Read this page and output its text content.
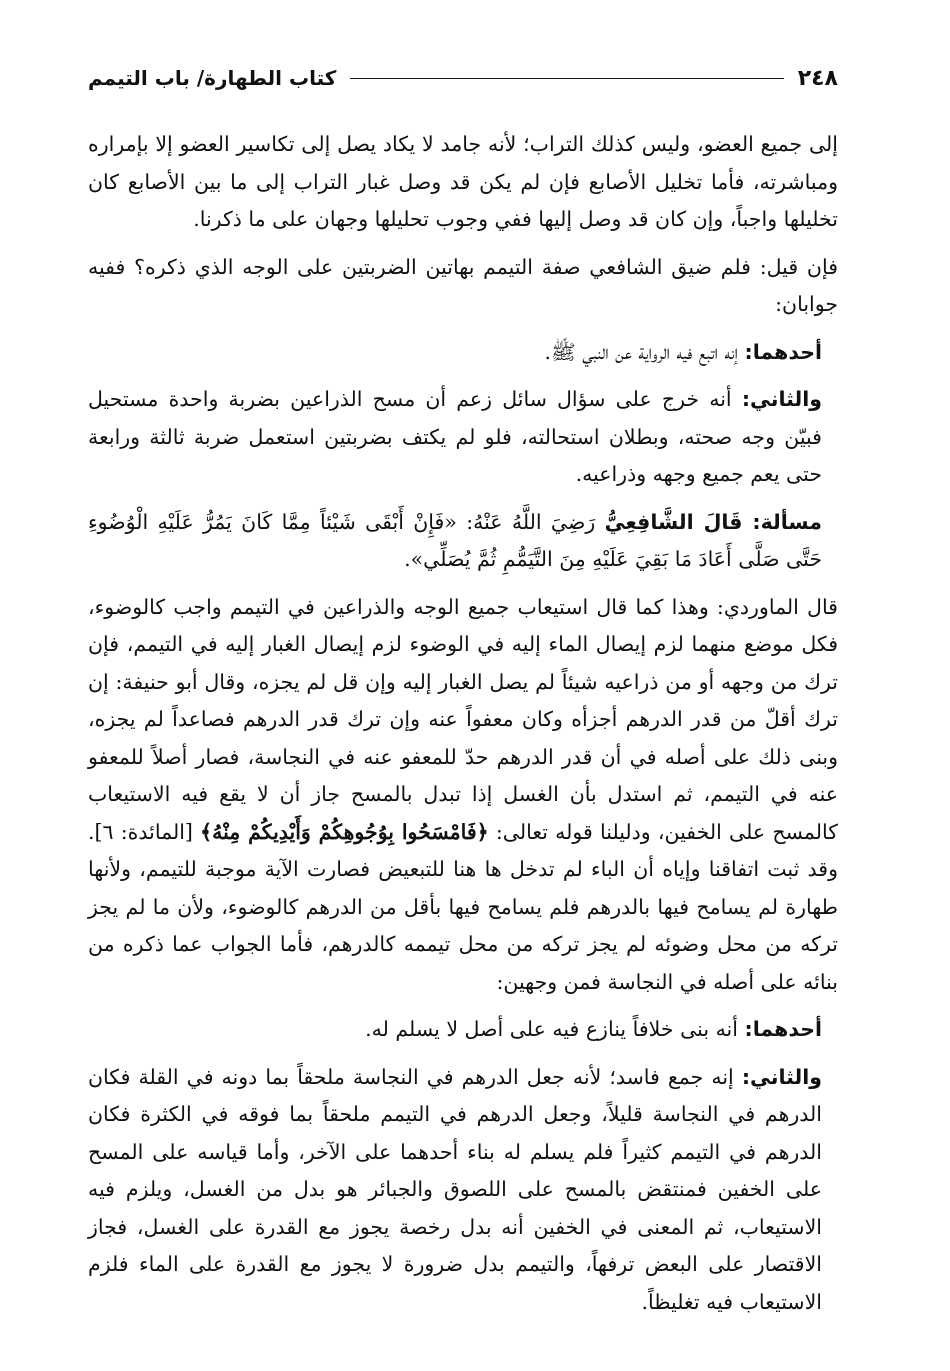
٢٤٨
كتاب الطهارة/ باب التيمم

إلى جميع العضو، وليس كذلك التراب؛ لأنه جامد لا يكاد يصل إلى تكاسير العضو إلا بإمراره ومباشرته، فأما تخليل الأصابع فإن لم يكن قد وصل غبار التراب إلى ما بين الأصابع كان تخليلها واجباً، وإن كان قد وصل إليها ففي وجوب تحليلها وجهان على ما ذكرنا.

فإن قيل: فلم ضيق الشافعي صفة التيمم بهاتين الضربتين على الوجه الذي ذكره؟ ففيه جوابان:

أحدهما: إنه اتبع فيه الرواية عن النبي ﷺ.

والثاني: أنه خرج على سؤال سائل زعم أن مسح الذراعين بضربة واحدة مستحيل فبيّن وجه صحته، وبطلان استحالته، فلو لم يكتف بضربتين استعمل ضربة ثالثة ورابعة حتى يعم جميع وجهه وذراعيه.

مسألة: قَالَ الشَّافِعِيُّ رَضِيَ اللَّهُ عَنْهُ: «فَإِنْ أَبْقَى شَيْئاً مِمَّا كَانَ يَمُرُّ عَلَيْهِ الْوُضُوءِ حَتَّى صَلَّى أَعَادَ مَا بَقِيَ عَلَيْهِ مِنَ التَّيَمُّمِ ثُمَّ يُصَلِّي».

قال الماوردي: وهذا كما قال استيعاب جميع الوجه والذراعين في التيمم واجب كالوضوء، فكل موضع منهما لزم إيصال الماء إليه في الوضوء لزم إيصال الغبار إليه في التيمم، فإن ترك من وجهه أو من ذراعيه شيئاً لم يصل الغبار إليه وإن قل لم يجزه، وقال أبو حنيفة: إن ترك أقلّ من قدر الدرهم أجزأه وكان معفواً عنه وإن ترك قدر الدرهم فصاعداً لم يجزه، وبنى ذلك على أصله في أن قدر الدرهم حدّ للمعفو عنه في النجاسة، فصار أصلاً للمعفو عنه في التيمم، ثم استدل بأن الغسل إذا تبدل بالمسح جاز أن لا يقع فيه الاستيعاب كالمسح على الخفين، ودليلنا قوله تعالى: ﴿فَامْسَحُوا بِوُجُوهِكُمْ وَأَيْدِيكُمْ مِنْهُ﴾ [المائدة: ٦]. وقد ثبت اتفاقنا وإياه أن الباء لم تدخل ها هنا للتبعيض فصارت الآية موجبة للتيمم، ولأنها طهارة لم يسامح فيها بالدرهم فلم يسامح فيها بأقل من الدرهم كالوضوء، ولأن ما لم يجز تركه من محل وضوئه لم يجز تركه من محل تيممه كالدرهم، فأما الجواب عما ذكره من بنائه على أصله في النجاسة فمن وجهين:

أحدهما: أنه بنى خلافاً ينازع فيه على أصل لا يسلم له.

والثاني: إنه جمع فاسد؛ لأنه جعل الدرهم في النجاسة ملحقاً بما دونه في القلة فكان الدرهم في النجاسة قليلاً، وجعل الدرهم في التيمم ملحقاً بما فوقه في الكثرة فكان الدرهم في التيمم كثيراً فلم يسلم له بناء أحدهما على الآخر، وأما قياسه على المسح على الخفين فمنتقض بالمسح على اللصوق والجبائر هو بدل من الغسل، ويلزم فيه الاستيعاب، ثم المعنى في الخفين أنه بدل رخصة يجوز مع القدرة على الغسل، فجاز الاقتصار على البعض ترفهاً، والتيمم بدل ضرورة لا يجوز مع القدرة على الماء فلزم الاستيعاب فيه تغليظاً.
